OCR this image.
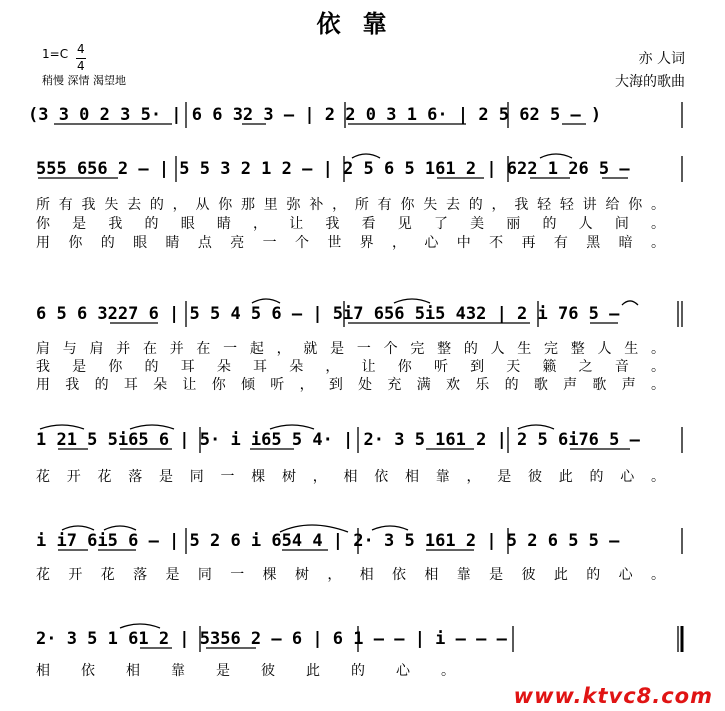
依靠
1=C 4
4
稍慢 深情 渴望地
亦 人词
大海的歌曲
(3 3 0 2 3 5· | 6 6 32 3 – | 2 2 0 3 1 6· | 2 5 62 5 – )
555 656 2 – | 5 5 3 2 1 2 – | 2 5 6 5 161 2 | 622 1 26 5 –
所有我失去的，从你那里弥补，所有你失去的，我轻轻讲给你。
你是我的眼睛，让我看见了美丽的人间。
用你的眼睛点亮一个世界，心中不再有黑暗。
6 5 6 3227 6 | 5 5 4 5 6 – | 5i7 656 5i5 432 | 2 i 76 5 –
肩与肩并在并在一起，就是一个完整的人生完整人生。
我是你的耳朵耳朵，让你听到天籁之音。
用我的耳朵让你倾听，到处充满欢乐的歌声歌声。
1 21 5 5i65 6 | 5· i i65 5 4· | 2· 3 5 161 2 | 2 5 6i76 5 –
花开花落是同一棵树，相依相靠，是彼此的心。
i i7 6i5 6 – | 5 2 6 i 654 4 | 2· 3 5 161 2 | 5 2 6 5 5 –
花开花落是同一棵树，相依相靠是彼此的心。
2· 3 5 1 61 2 | 5356 2 – 6 | 6 1 – – | i – – –
相依相靠是彼此的心。
www.ktvc8.com
